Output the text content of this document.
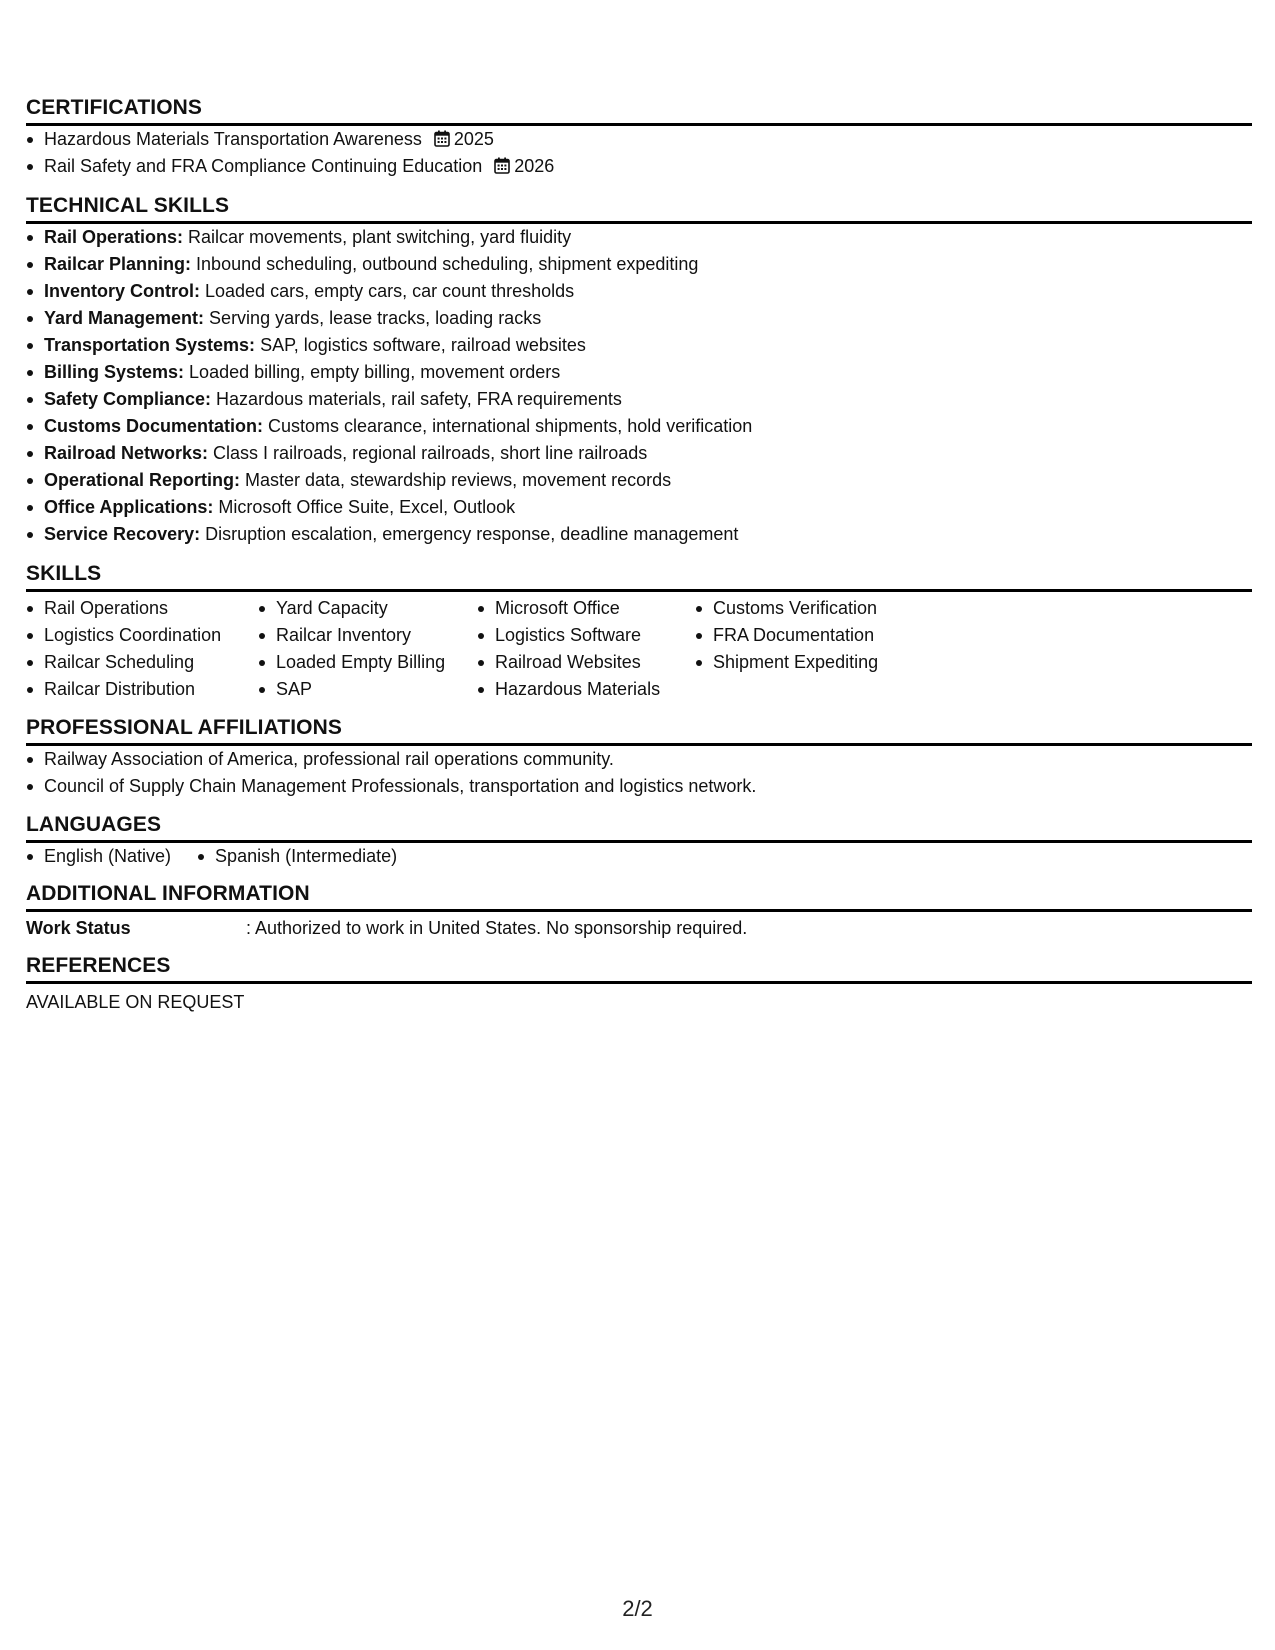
CERTIFICATIONS
Hazardous Materials Transportation Awareness 2025
Rail Safety and FRA Compliance Continuing Education 2026
TECHNICAL SKILLS
Rail Operations: Railcar movements, plant switching, yard fluidity
Railcar Planning: Inbound scheduling, outbound scheduling, shipment expediting
Inventory Control: Loaded cars, empty cars, car count thresholds
Yard Management: Serving yards, lease tracks, loading racks
Transportation Systems: SAP, logistics software, railroad websites
Billing Systems: Loaded billing, empty billing, movement orders
Safety Compliance: Hazardous materials, rail safety, FRA requirements
Customs Documentation: Customs clearance, international shipments, hold verification
Railroad Networks: Class I railroads, regional railroads, short line railroads
Operational Reporting: Master data, stewardship reviews, movement records
Office Applications: Microsoft Office Suite, Excel, Outlook
Service Recovery: Disruption escalation, emergency response, deadline management
SKILLS
Rail Operations
Logistics Coordination
Railcar Scheduling
Railcar Distribution
Yard Capacity
Railcar Inventory
Loaded Empty Billing
SAP
Microsoft Office
Logistics Software
Railroad Websites
Hazardous Materials
Customs Verification
FRA Documentation
Shipment Expediting
PROFESSIONAL AFFILIATIONS
Railway Association of America, professional rail operations community.
Council of Supply Chain Management Professionals, transportation and logistics network.
LANGUAGES
English (Native)	Spanish (Intermediate)
ADDITIONAL INFORMATION
Work Status	: Authorized to work in United States. No sponsorship required.
REFERENCES
AVAILABLE ON REQUEST
2/2
